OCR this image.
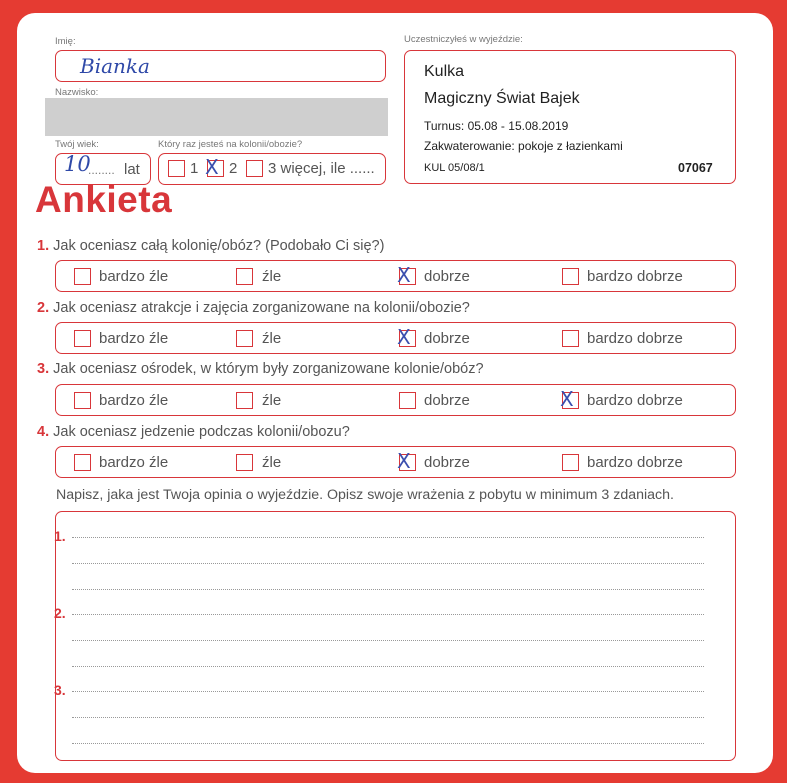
Imię:
Bianka
Nazwisko:
Twój wiek:
10
........ lat
Który raz jesteś na kolonii/obozie?
1 X 2 3 więcej, ile ......
Uczestniczyłeś w wyjeździe:
Kulka
Magiczny Świat Bajek
Turnus: 05.08 - 15.08.2019
Zakwaterowanie: pokoje z łazienkami
KUL 05/08/1	07067
Ankieta
1. Jak oceniasz całą kolonię/obóz? (Podobało Ci się?)
bardzo źle	źle	X dobrze	bardzo dobrze
2. Jak oceniasz atrakcje i zajęcia zorganizowane na kolonii/obozie?
bardzo źle	źle	X dobrze	bardzo dobrze
3. Jak oceniasz ośrodek, w którym były zorganizowane kolonie/obóz?
bardzo źle	źle	dobrze	X bardzo dobrze
4. Jak oceniasz jedzenie podczas kolonii/obozu?
bardzo źle	źle	X dobrze	bardzo dobrze
Napisz, jaka jest Twoja opinia o wyjeździe. Opisz swoje wrażenia z pobytu w minimum 3 zdaniach.
1.
2.
3.
